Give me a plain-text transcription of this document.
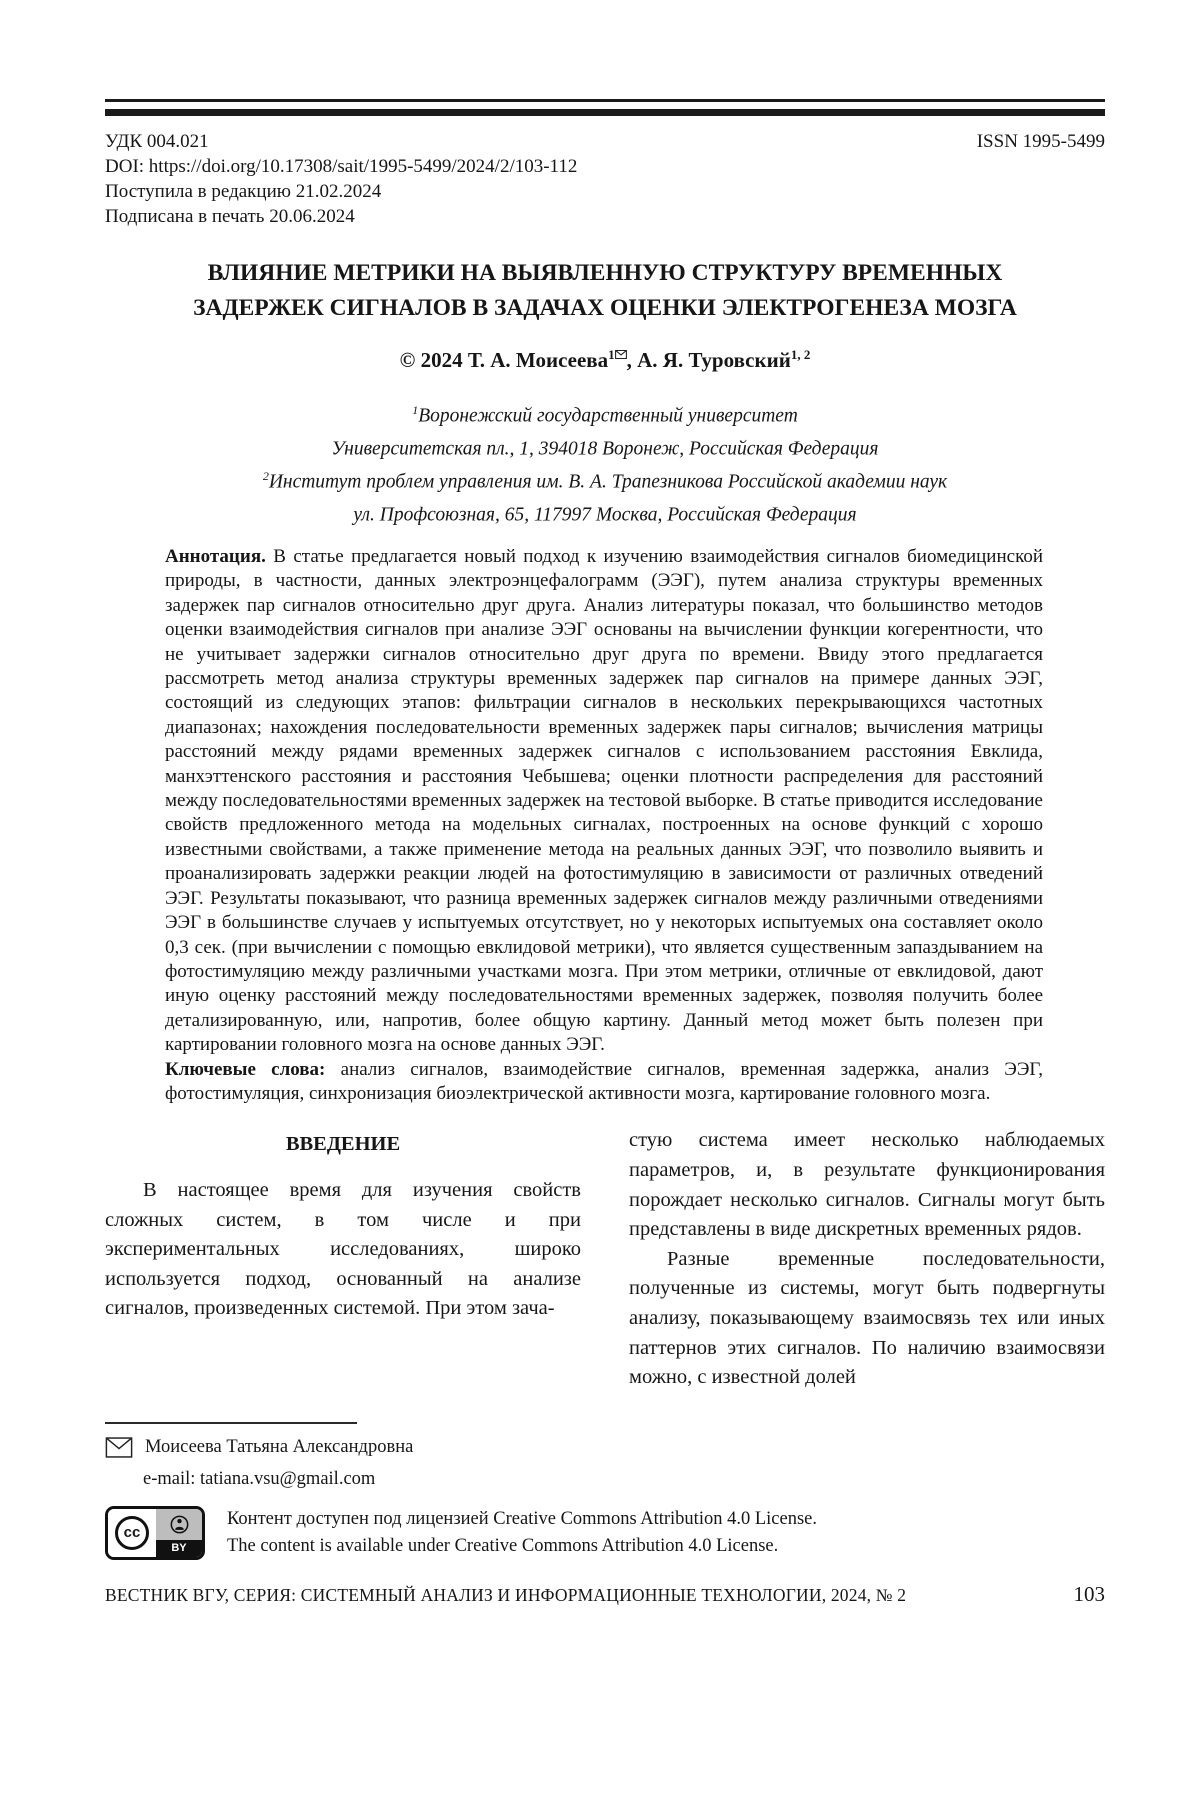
УДК 004.021	ISSN 1995-5499
DOI: https://doi.org/10.17308/sait/1995-5499/2024/2/103-112
Поступила в редакцию 21.02.2024
Подписана в печать 20.06.2024
ВЛИЯНИЕ МЕТРИКИ НА ВЫЯВЛЕННУЮ СТРУКТУРУ ВРЕМЕННЫХ
ЗАДЕРЖЕК СИГНАЛОВ В ЗАДАЧАХ ОЦЕНКИ ЭЛЕКТРОГЕНЕЗА МОЗГА
© 2024 Т. А. Моисеева$^1$ , А. Я. Туровский$^{1, 2}$
$^1$Воронежский государственный университет
Университетская пл., 1, 394018 Воронеж, Российская Федерация
$^2$Институт проблем управления им. В. А. Трапезникова Российской академии наук
ул. Профсоюзная, 65, 117997 Москва, Российская Федерация

Аннотация. В статье предлагается новый подход к изучению взаимодействия сигналов биомедицинской природы, в частности, данных электроэнцефалограмм (ЭЭГ), путем анализа структуры временных задержек пар сигналов относительно друг друга. Анализ литературы показал, что большинство методов оценки взаимодействия сигналов при анализе ЭЭГ основаны на вычислении функции когерентности, что не учитывает задержки сигналов относительно друг друга по времени. Ввиду этого предлагается рассмотреть метод анализа структуры временных задержек пар сигналов на примере данных ЭЭГ, состоящий из следующих этапов: фильтрации сигналов в нескольких перекрывающихся частотных диапазонах; нахождения последовательности временных задержек пары сигналов; вычисления матрицы расстояний между рядами временных задержек сигналов с использованием расстояния Евклида, манхэттенского расстояния и расстояния Чебышева; оценки плотности распределения для расстояний между последовательностями временных задержек на тестовой выборке. В статье приводится исследование свойств предложенного метода на модельных сигналах, построенных на основе функций с хорошо известными свойствами, а также применение метода на реальных данных ЭЭГ, что позволило выявить и проанализировать задержки реакции людей на фотостимуляцию в зависимости от различных отведений ЭЭГ. Результаты показывают, что разница временных задержек сигналов между различными отведениями ЭЭГ в большинстве случаев у испытуемых отсутствует, но у некоторых испытуемых она составляет около 0,3 сек. (при вычислении с помощью евклидовой метрики), что является существенным запаздыванием на фотостимуляцию между различными участками мозга. При этом метрики, отличные от евклидовой, дают иную оценку расстояний между последовательностями временных задержек, позволяя получить более детализированную, или, напротив, более общую картину. Данный метод может быть полезен при картировании головного мозга на основе данных ЭЭГ.

Ключевые слова: анализ сигналов, взаимодействие сигналов, временная задержка, анализ ЭЭГ, фотостимуляция, синхронизация биоэлектрической активности мозга, картирование головного мозга.

ВВЕДЕНИЕ

В настоящее время для изучения свойств сложных систем, в том числе и при экспериментальных исследованиях, широко используется подход, основанный на анализе сигналов, произведенных системой. При этом зача-

Моисеева Татьяна Александровна
e-mail: tatiana.vsu@gmail.com

стую система имеет несколько наблюдаемых параметров, и, в результате функционирования порождает несколько сигналов. Сигналы могут быть представлены в виде дискретных временных рядов.

Разные временные последовательности, полученные из системы, могут быть подвергнуты анализу, показывающему взаимосвязь тех или иных паттернов этих сигналов. По наличию взаимосвязи можно, с известной долей

cc
BY
Контент доступен под лицензией Creative Commons Attribution 4.0 License.
The content is available under Creative Commons Attribution 4.0 License.
ВЕСТНИК ВГУ, СЕРИЯ: СИСТЕМНЫЙ АНАЛИЗ И ИНФОРМАЦИОННЫЕ ТЕХНОЛОГИИ, 2024, № 2	103
